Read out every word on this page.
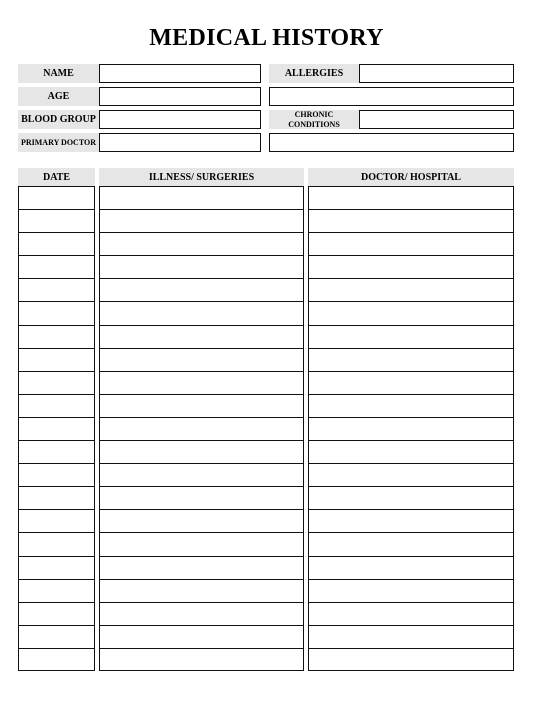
MEDICAL HISTORY
NAME
AGE
BLOOD GROUP
PRIMARY DOCTOR
ALLERGIES
CHRONIC CONDITIONS
DATE	ILLNESS/ SURGERIES	DOCTOR/ HOSPITAL
